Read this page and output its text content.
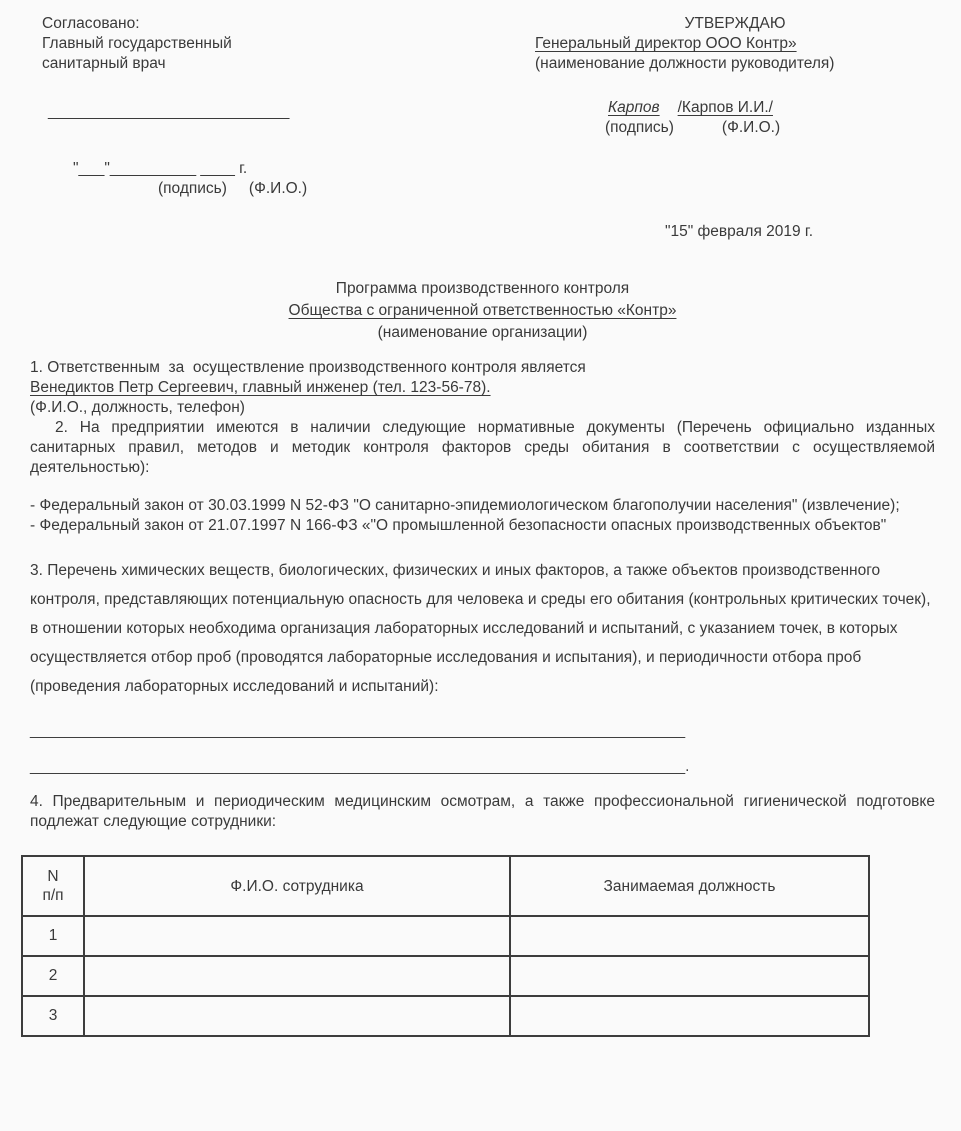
Согласовано:
Главный государственный
санитарный врач
____________________________
"___"__________ ____ г.
(подпись) (Ф.И.О.)
УТВЕРЖДАЮ
Генеральный директор ООО Контр»
(наименование должности руководителя)
Карпов /Карпов И.И./
(подпись)	(Ф.И.О.)
"15" февраля 2019 г.
Программа производственного контроля
Общества с ограниченной ответственностью «Контр»
(наименование организации)
1. Ответственным  за  осуществление производственного контроля является
Венедиктов Петр Сергеевич, главный инженер (тел. 123-56-78).
(Ф.И.О., должность, телефон)
2. На предприятии имеются в наличии следующие нормативные документы (Перечень официально изданных санитарных правил, методов и методик контроля факторов среды обитания в соответствии с осуществляемой деятельностью):
- Федеральный закон от 30.03.1999 N 52-ФЗ "О санитарно-эпидемиологическом благополучии населения" (извлечение);
- Федеральный закон от 21.07.1997 N 166-ФЗ «"О промышленной безопасности опасных производственных объектов"
3. Перечень химических веществ, биологических, физических и иных факторов, а также объектов производственного контроля, представляющих потенциальную опасность для человека и среды его обитания (контрольных критических точек), в отношении которых необходима организация лабораторных исследований и испытаний, с указанием точек, в которых осуществляется отбор проб (проводятся лабораторные исследования и испытания), и периодичности отбора проб (проведения лабораторных исследований и испытаний):
____________________________________________________________________________
____________________________________________________________________________.
4. Предварительным и периодическим медицинским осмотрам, а также профессиональной гигиенической подготовке подлежат следующие сотрудники:
N
п/п	Ф.И.О. сотрудника	Занимаемая должность
1		
2		
3		
